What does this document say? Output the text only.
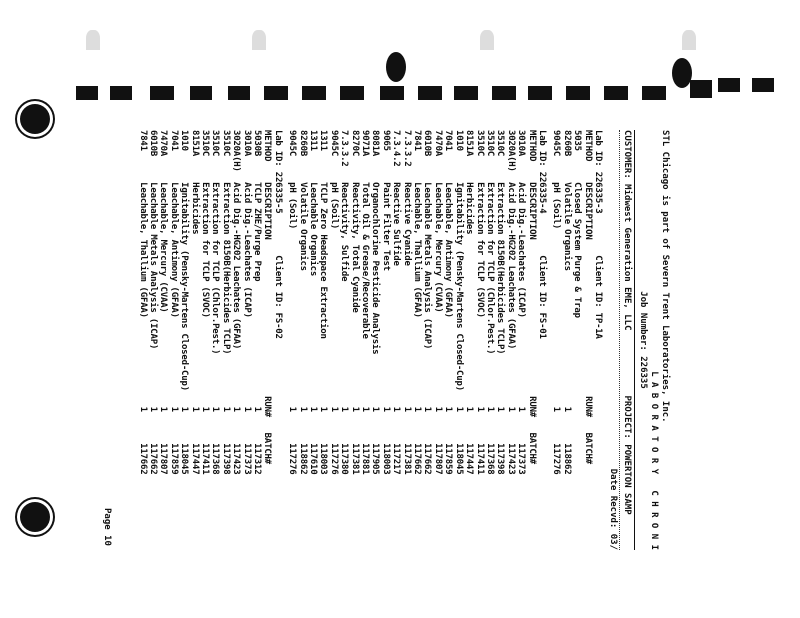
STL Chicago is part of Severn Trent Laboratories, Inc.
L A B O R A T O R Y   C H R O N I
Job Number: 226335
CUSTOMER: Midwest Generation EME, LLC            PROJECT: POWERTON SAMP
Date Recvd: 03/
Lab ID: 226335-3        Client ID: TP-1A
METHOD    DESCRIPTION                              RUN#   BATCH#
5035      Closed System Purge & Trap
8260B     Volatile Organics                          1      118862
9045C     pH (Soil)                                  1      117276
Lab ID: 226335-4        Client ID: FS-01
METHOD    DESCRIPTION                              RUN#   BATCH#
3010A     Acid Dig.-Leachates (ICAP)                 1      117373
3020A(H)  Acid Dig.-HG202 Leachates (GFAA)           1      117423
3510C     Extraction 8150B(Herbicides TCLP)          1      117398
3510C     Extraction for TCLP (Chlor.Pest.)          1      117368
3510C     Extraction for TCLP (SVOC)                 1      117411
8151A     Herbicides                                 1      117447
1010      Ignitability (Pensky-Martens Closed-Cup)   1      118045
7041      Leachable, Antimony (GFAA)                 1      117859
7470A     Leachable, Mercury (CVAA)                  1      117807
6010B     Leachable Metals Analysis (ICAP)           1      117662
7841      Leachable, Thallium (GFAA)                 1      117662
7.3.3.2   Reactive Cyanide                           1      117381
7.3.4.2   Reactive Sulfide                           1      117217
9065      Paint Filter Test                          1      118003
8081A     Organochlorine Pesticide Analysis          1      117905
9071A     Total Oil & Grease/Recoverable             1      117881
8270C     Reactivity, Total Cyanide                  1      117381
7.3.3.2   Reactivity, Sulfide                        1      117380
9045C     pH (Soil)                                  1      117276
1311      TCLP Zero Headspace Extraction             1      118003
1311      Leachable Organics                         1      117610
8260B     Volatile Organics                          1      118862
9045C     pH (Soil)                                  1      117276
Lab ID: 226335-5        Client ID: FS-02
METHOD    DESCRIPTION                              RUN#   BATCH#
5030B     TCLP ZHE/Purge Prep                        1      117312
3010A     Acid Dig.-Leachates (ICAP)                 1      117373
3020A(H)  Acid Dig.-HG202 Leachates (GFAA)           1      117423
3510C     Extraction 8150B(Herbicides TCLP)          1      117398
3510C     Extraction for TCLP (Chlor.Pest.)          1      117368
3510C     Extraction for TCLP (SVOC)                 1      117411
8151A     Herbicides                                 1      117447
1010      Ignitability (Pensky-Martens Closed-Cup)   1      118045
7041      Leachable, Antimony (GFAA)                 1      117859
7470A     Leachable, Mercury (CVAA)                  1      117807
6010B     Leachable Metals Analysis (ICAP)           1      117662
7841      Leachable, Thallium (GFAA)                 1      117662
Page 10
